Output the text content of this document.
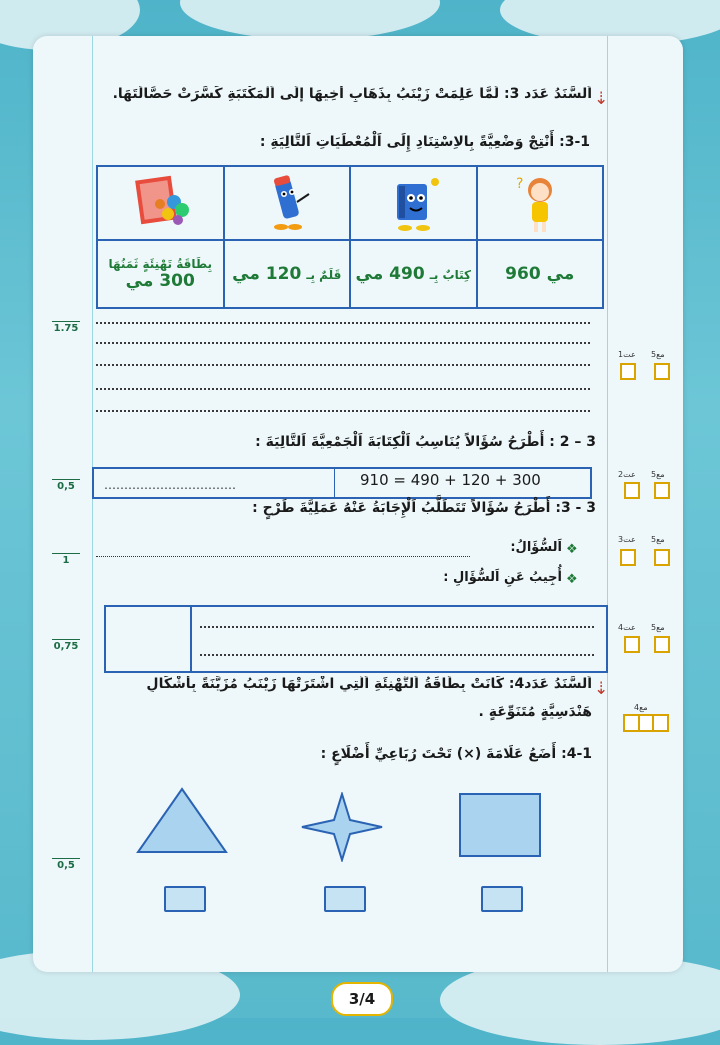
⇣
اَلسَّنَدُ عَدَد 3: لَمَّا عَلِمَتْ زَيْنَبُ بِذَهَابِ أَخِيهَا إِلَى اَلْمَكْتَبَةِ كَسَّرَتْ حَصَّالَتَهَا.
3-1: أَنْتِجْ وَضْعِيَّةً بِالاِسْتِنَادِ إِلَى اَلْمُعْطَيَاتِ اَلتَّالِيَةِ :

?

بِطَاقَةُ تَهْنِئَةٍ ثَمَنُهَا
300 مي	قَلَمٌ بِـ 120 مي	كِتَابٌ بِـ 490 مي	960 مي
3 – 2 : أَطْرَحُ سُؤَالاً يُنَاسِبُ اَلْكِتَابَةَ اَلْجَمْعِيَّةَ اَلتَّالِيَةَ :
910 = 490 + 120 + 300
……………………………
3 - 3: أَطْرَحُ سُؤَالاً تَتَطَلَّبُ اَلْإِجَابَةُ عَنْهُ عَمَلِيَّةَ طَرْحٍ :
❖
اَلسُّؤَالُ:
❖
أُجِيبُ عَنِ اَلسُّؤَالِ :
⇣
اَلسَّنَدُ عَدَد4: كَانَتْ بِطَاقَةُ اَلتَّهْنِئَةِ اَلَّتِي اشْتَرَتْهَا زَيْنَبُ مُزَيَّنَةً بِأَشْكَالٍ
هَنْدَسِيَّةٍ مُتَنَوِّعَةٍ .
4-1: أَضَعُ عَلَامَةَ (×) تَحْتَ رُبَاعِيِّ أَضْلَاعٍ :
1.75
0,5
1
0,75
0,5
عت1 مع5
عت2 مع5
عت3 مع5
عت4 مع5
مع4
3/4
